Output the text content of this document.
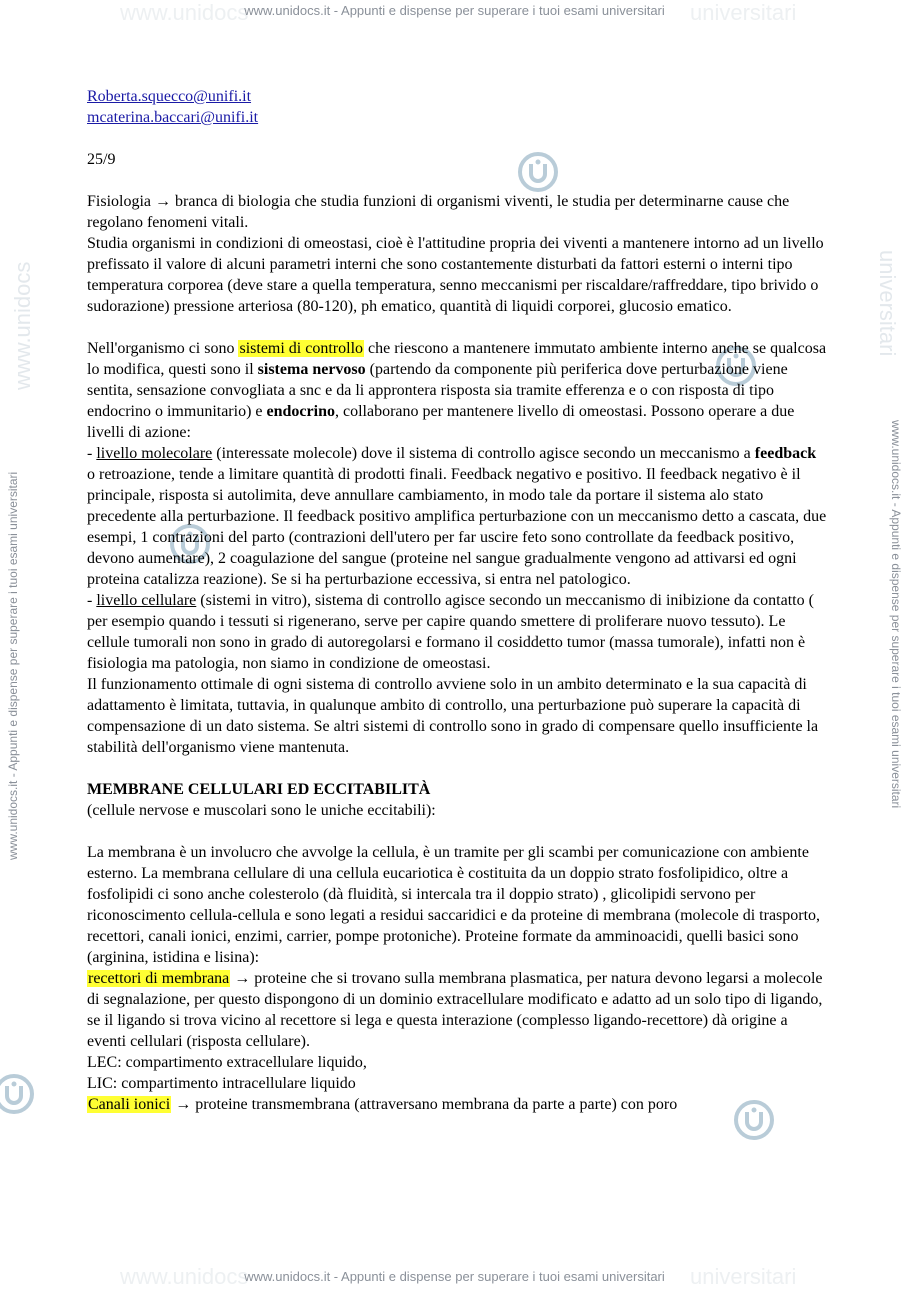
www.unidocs	universitari
www.unidocs	universitari
www.unidocs.it - Appunti e dispense per superare i tuoi esami universitari
www.unidocs.it - Appunti e dispense per superare i tuoi esami universitari
www.unidocs.it - Appunti e dispense per superare i tuoi esami universitari	www.unidocs.it - Appunti e dispense per superare i tuoi esami universitari
www.unidocs	universitari

Roberta.squecco@unifi.it

mcaterina.baccari@unifi.it

25/9

Fisiologia → branca di biologia che studia funzioni di organismi viventi, le studia per determinarne cause che regolano fenomeni vitali.

Studia organismi in condizioni di omeostasi, cioè è l'attitudine propria dei viventi a mantenere intorno ad un livello prefissato il valore di alcuni parametri interni che sono costantemente disturbati da fattori esterni o interni tipo temperatura corporea (deve stare a quella temperatura, senno meccanismi per riscaldare/raffreddare, tipo brivido o sudorazione) pressione arteriosa (80-120), ph ematico, quantità di liquidi corporei, glucosio ematico.

Nell'organismo ci sono sistemi di controllo che riescono a mantenere immutato ambiente interno anche se qualcosa lo modifica, questi sono il sistema nervoso (partendo da componente più periferica dove perturbazione viene sentita, sensazione convogliata a snc e da li approntera risposta sia tramite efferenza e o con risposta di tipo endocrino o immunitario) e endocrino, collaborano per mantenere livello di omeostasi. Possono operare a due livelli di azione:

- livello molecolare (interessate molecole) dove il sistema di controllo agisce secondo un meccanismo a feedback o retroazione, tende a limitare quantità di prodotti finali. Feedback negativo e positivo. Il feedback negativo è il principale, risposta si autolimita, deve annullare cambiamento, in modo tale da portare il sistema alo stato precedente alla perturbazione. Il feedback positivo amplifica perturbazione con un meccanismo detto a cascata, due esempi, 1 contrazioni del parto (contrazioni dell'utero per far uscire feto sono controllate da feedback positivo, devono aumentare), 2 coagulazione del sangue (proteine nel sangue gradualmente vengono ad attivarsi ed ogni proteina catalizza reazione). Se si ha perturbazione eccessiva, si entra nel patologico.

- livello cellulare (sistemi in vitro), sistema di controllo agisce secondo un meccanismo di inibizione da contatto ( per esempio quando i tessuti si rigenerano, serve per capire quando smettere di proliferare nuovo tessuto). Le cellule tumorali non sono in grado di autoregolarsi e formano il cosiddetto tumor (massa tumorale), infatti non è fisiologia ma patologia, non siamo in condizione de omeostasi.

Il funzionamento ottimale di ogni sistema di controllo avviene solo in un ambito determinato e la sua capacità di adattamento è limitata, tuttavia, in qualunque ambito di controllo, una perturbazione può superare la capacità di compensazione di un dato sistema. Se altri sistemi di controllo sono in grado di compensare quello insufficiente la stabilità dell'organismo viene mantenuta.

MEMBRANE CELLULARI ED ECCITABILITÀ

(cellule nervose e muscolari sono le uniche eccitabili):

La membrana è un involucro che avvolge la cellula, è un tramite per gli scambi per comunicazione con ambiente esterno. La membrana cellulare di una cellula eucariotica è costituita da un doppio strato fosfolipidico, oltre a fosfolipidi ci sono anche colesterolo (dà fluidità, si intercala tra il doppio strato) , glicolipidi servono per riconoscimento cellula-cellula e sono legati a residui saccaridici e da proteine di membrana (molecole di trasporto, recettori, canali ionici, enzimi, carrier, pompe protoniche). Proteine formate da amminoacidi, quelli basici sono (arginina, istidina e lisina):

recettori di membrana → proteine che si trovano sulla membrana plasmatica, per natura devono legarsi a molecole di segnalazione, per questo dispongono di un dominio extracellulare modificato e adatto ad un solo tipo di ligando, se il ligando si trova vicino al recettore si lega e questa interazione (complesso ligando-recettore) dà origine a eventi cellulari (risposta cellulare).

LEC: compartimento extracellulare liquido,

LIC: compartimento intracellulare liquido

Canali ionici → proteine transmembrana (attraversano membrana da parte a parte) con poro
